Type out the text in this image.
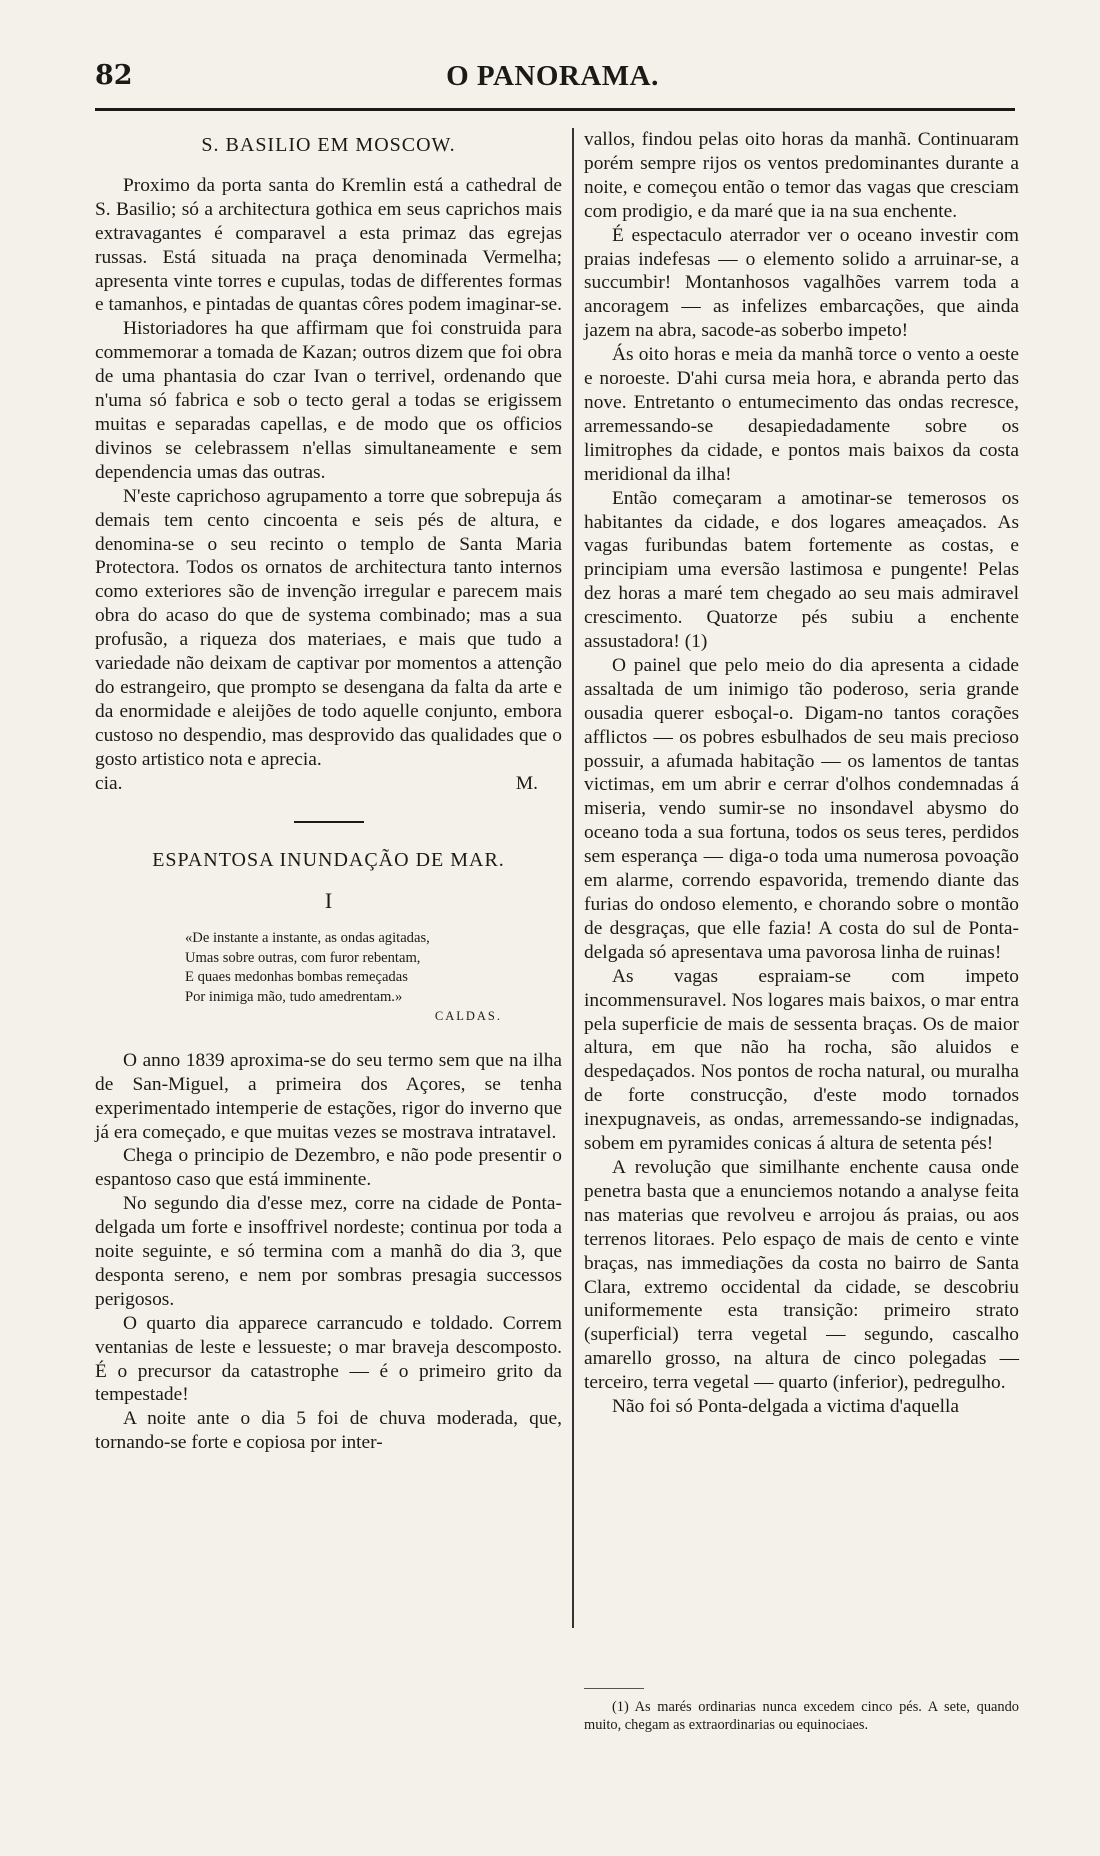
82	O PANORAMA.
S. BASILIO EM MOSCOW.

Proximo da porta santa do Kremlin está a cathedral de S. Basilio; só a architectura gothica em seus caprichos mais extravagantes é comparavel a esta primaz das egrejas russas. Está situada na praça denominada Vermelha; apresenta vinte torres e cupulas, todas de differentes formas e tamanhos, e pintadas de quantas côres podem imaginar-se.

Historiadores ha que affirmam que foi construida para commemorar a tomada de Kazan; outros dizem que foi obra de uma phantasia do czar Ivan o terrivel, ordenando que n'uma só fabrica e sob o tecto geral a todas se erigissem muitas e separadas capellas, e de modo que os officios divinos se celebrassem n'ellas simultaneamente e sem dependencia umas das outras.

N'este caprichoso agrupamento a torre que sobrepuja ás demais tem cento cincoenta e seis pés de altura, e denomina-se o seu recinto o templo de Santa Maria Protectora. Todos os ornatos de architectura tanto internos como exteriores são de invenção irregular e parecem mais obra do acaso do que de systema combinado; mas a sua profusão, a riqueza dos materiaes, e mais que tudo a variedade não deixam de captivar por momentos a attenção do estrangeiro, que prompto se desengana da falta da arte e da enormidade e aleijões de todo aquelle conjunto, embora custoso no despendio, mas desprovido das qualidades que o gosto artistico nota e aprecia.

cia.	M.
ESPANTOSA INUNDAÇÃO DE MAR.
I
«De instante a instante, as ondas agitadas,
Umas sobre outras, com furor rebentam,
E quaes medonhas bombas remeçadas
Por inimiga mão, tudo amedrentam.»
CALDAS.

O anno 1839 aproxima-se do seu termo sem que na ilha de San-Miguel, a primeira dos Açores, se tenha experimentado intemperie de estações, rigor do inverno que já era começado, e que muitas vezes se mostrava intratavel.

Chega o principio de Dezembro, e não pode presentir o espantoso caso que está imminente.

No segundo dia d'esse mez, corre na cidade de Ponta-delgada um forte e insoffrivel nordeste; continua por toda a noite seguinte, e só termina com a manhã do dia 3, que desponta sereno, e nem por sombras presagia successos perigosos.

O quarto dia apparece carrancudo e toldado. Correm ventanias de leste e lessueste; o mar braveja descomposto. É o precursor da catastrophe — é o primeiro grito da tempestade!

A noite ante o dia 5 foi de chuva moderada, que, tornando-se forte e copiosa por inter-

vallos, findou pelas oito horas da manhã. Continuaram porém sempre rijos os ventos predominantes durante a noite, e começou então o temor das vagas que cresciam com prodigio, e da maré que ia na sua enchente.

É espectaculo aterrador ver o oceano investir com praias indefesas — o elemento solido a arruinar-se, a succumbir! Montanhosos vagalhões varrem toda a ancoragem — as infelizes embarcações, que ainda jazem na abra, sacode-as soberbo impeto!

Ás oito horas e meia da manhã torce o vento a oeste e noroeste. D'ahi cursa meia hora, e abranda perto das nove. Entretanto o entumecimento das ondas recresce, arremessando-se desapiedadamente sobre os limitrophes da cidade, e pontos mais baixos da costa meridional da ilha!

Então começaram a amotinar-se temerosos os habitantes da cidade, e dos logares ameaçados. As vagas furibundas batem fortemente as costas, e principiam uma eversão lastimosa e pungente! Pelas dez horas a maré tem chegado ao seu mais admiravel crescimento. Quatorze pés subiu a enchente assustadora! (1)

O painel que pelo meio do dia apresenta a cidade assaltada de um inimigo tão poderoso, seria grande ousadia querer esboçal-o. Digam-no tantos corações afflictos — os pobres esbulhados de seu mais precioso possuir, a afumada habitação — os lamentos de tantas victimas, em um abrir e cerrar d'olhos condemnadas á miseria, vendo sumir-se no insondavel abysmo do oceano toda a sua fortuna, todos os seus teres, perdidos sem esperança — diga-o toda uma numerosa povoação em alarme, correndo espavorida, tremendo diante das furias do ondoso elemento, e chorando sobre o montão de desgraças, que elle fazia! A costa do sul de Ponta-delgada só apresentava uma pavorosa linha de ruinas!

As vagas espraiam-se com impeto incommensuravel. Nos logares mais baixos, o mar entra pela superficie de mais de sessenta braças. Os de maior altura, em que não ha rocha, são aluidos e despedaçados. Nos pontos de rocha natural, ou muralha de forte construcção, d'este modo tornados inexpugnaveis, as ondas, arremessando-se indignadas, sobem em pyramides conicas á altura de setenta pés!

A revolução que similhante enchente causa onde penetra basta que a enunciemos notando a analyse feita nas materias que revolveu e arrojou ás praias, ou aos terrenos litoraes. Pelo espaço de mais de cento e vinte braças, nas immediações da costa no bairro de Santa Clara, extremo occidental da cidade, se descobriu uniformemente esta transição: primeiro strato (superficial) terra vegetal — segundo, cascalho amarello grosso, na altura de cinco polegadas — terceiro, terra vegetal — quarto (inferior), pedregulho.

Não foi só Ponta-delgada a victima d'aquella

(1) As marés ordinarias nunca excedem cinco pés. A sete, quando muito, chegam as extraordinarias ou equinociaes.
